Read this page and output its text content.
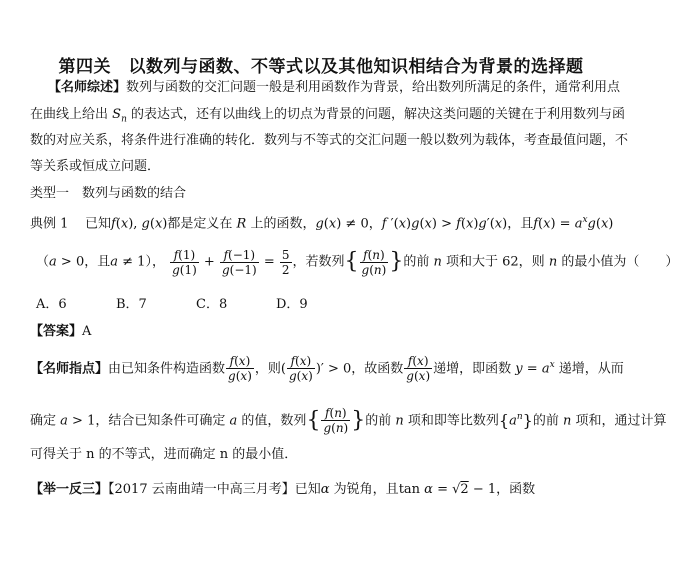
第四关　以数列与函数、不等式以及其他知识相结合为背景的选择题
【名师综述】数列与函数的交汇问题一般是利用函数作为背景，给出数列所满足的条件，通常利用点
在曲线上给出 $S_n$ 的表达式，还有以曲线上的切点为背景的问题，解决这类问题的关键在于利用数列与函
数的对应关系，将条件进行准确的转化．数列与不等式的交汇问题一般以数列为载体，考查最值问题，不
等关系或恒成立问题．
类型一　数列与函数的结合
典例 1 已知f(x), g(x)都是定义在 R 上的函数，g(x) ≠ 0，f ′(x)g(x) > f(x)g′(x)，且$f(x) = a^xg(x)$
（a > 0，且a ≠ 1）， $\frac{f(1)}{g(1)} + \frac{f(-1)}{g(-1)} = \frac{5}{2}$ ，若数列{ $\frac{f(n)}{g(n)}$ }的前 n 项和大于 62，则 n 的最小值为（　　）
A．6	B．7	C．8	D．9
【答案】A
【名师指点】由已知条件构造函数 $\frac{f(x)}{g(x)}$ ，则( $\frac{f(x)}{g(x)}$ )′ > 0，故函数 $\frac{f(x)}{g(x)}$ 递增，即函数 $y = a^x$ 递增，从而
确定 a > 1，结合已知条件可确定 a 的值，数列{ $\frac{f(n)}{g(n)}$ }的前 n 项和即等比数列$\{a^n\}$的前 n 项和，通过计算
可得关于 n 的不等式，进而确定 n 的最小值．
【举一反三】【2017 云南曲靖一中高三月考】已知α 为锐角，且tan α = √2 − 1，函数
